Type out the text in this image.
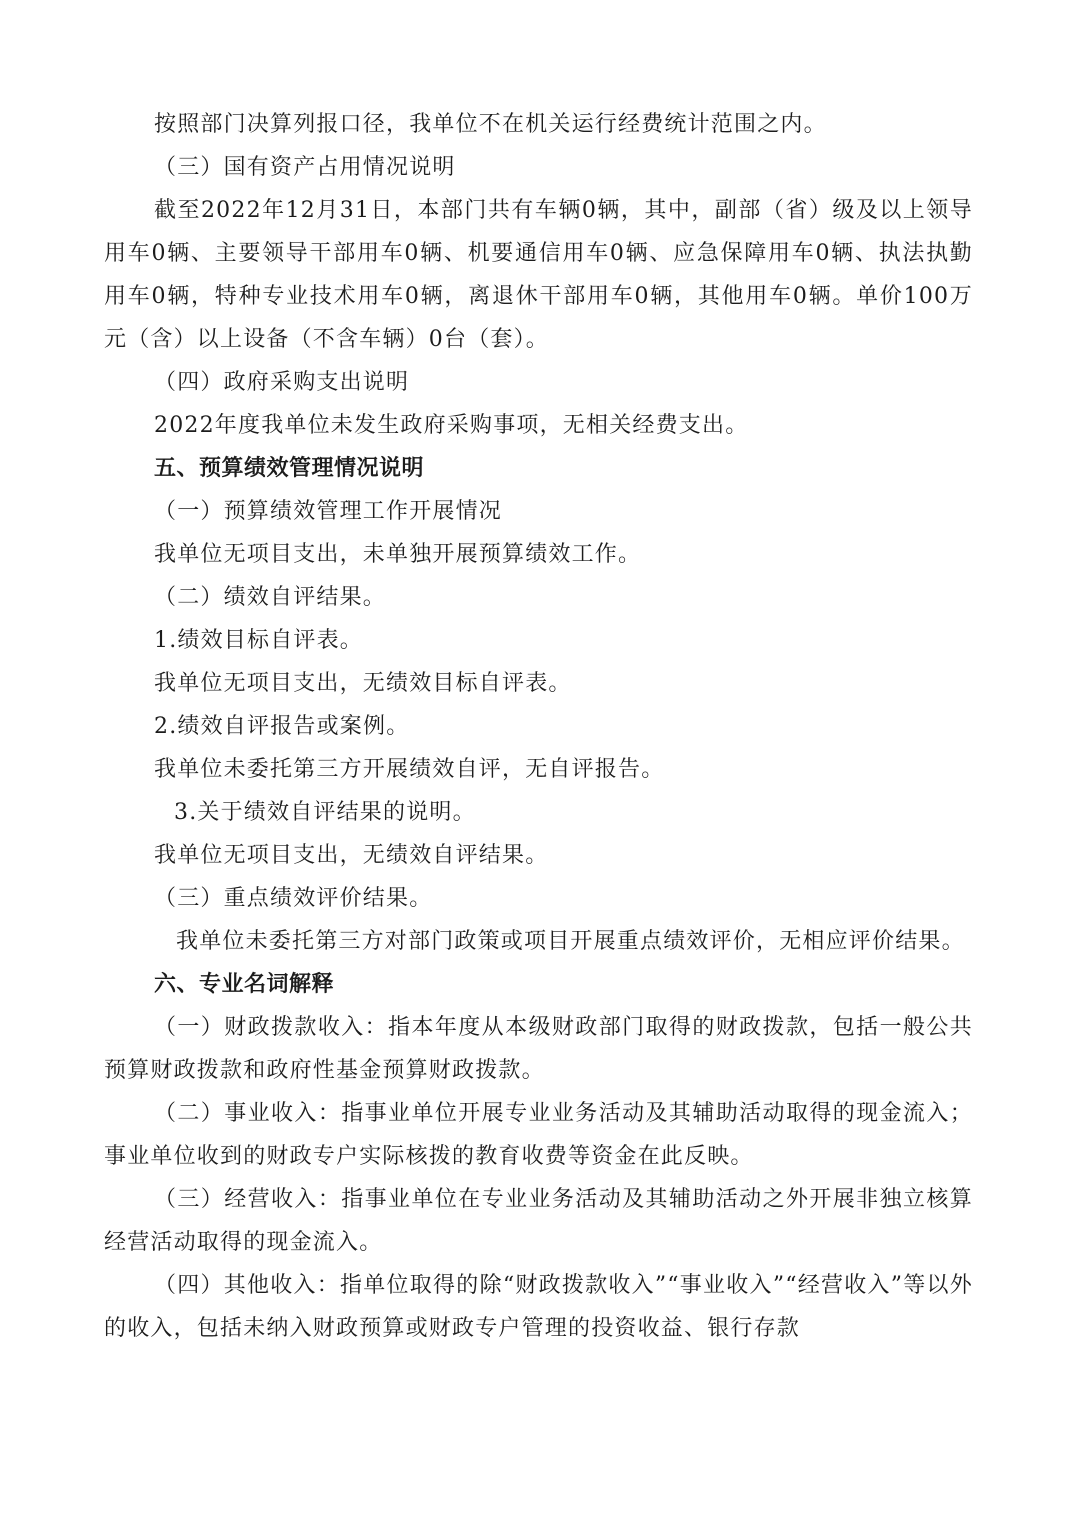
按照部门决算列报口径，我单位不在机关运行经费统计范围之内。

（三）国有资产占用情况说明

截至2022年12月31日，本部门共有车辆0辆，其中，副部（省）级及以上领导用车0辆、主要领导干部用车0辆、机要通信用车0辆、应急保障用车0辆、执法执勤用车0辆，特种专业技术用车0辆，离退休干部用车0辆，其他用车0辆。单价100万元（含）以上设备（不含车辆）0台（套）。

（四）政府采购支出说明

2022年度我单位未发生政府采购事项，无相关经费支出。

五、预算绩效管理情况说明

（一）预算绩效管理工作开展情况

我单位无项目支出，未单独开展预算绩效工作。

（二）绩效自评结果。

1.绩效目标自评表。

我单位无项目支出，无绩效目标自评表。

2.绩效自评报告或案例。

我单位未委托第三方开展绩效自评，无自评报告。

3.关于绩效自评结果的说明。

我单位无项目支出，无绩效自评结果。

（三）重点绩效评价结果。

我单位未委托第三方对部门政策或项目开展重点绩效评价，无相应评价结果。

六、专业名词解释

（一）财政拨款收入：指本年度从本级财政部门取得的财政拨款，包括一般公共预算财政拨款和政府性基金预算财政拨款。

（二）事业收入：指事业单位开展专业业务活动及其辅助活动取得的现金流入；事业单位收到的财政专户实际核拨的教育收费等资金在此反映。

（三）经营收入：指事业单位在专业业务活动及其辅助活动之外开展非独立核算经营活动取得的现金流入。

（四）其他收入：指单位取得的除“财政拨款收入”“事业收入”“经营收入”等以外的收入，包括未纳入财政预算或财政专户管理的投资收益、银行存款
